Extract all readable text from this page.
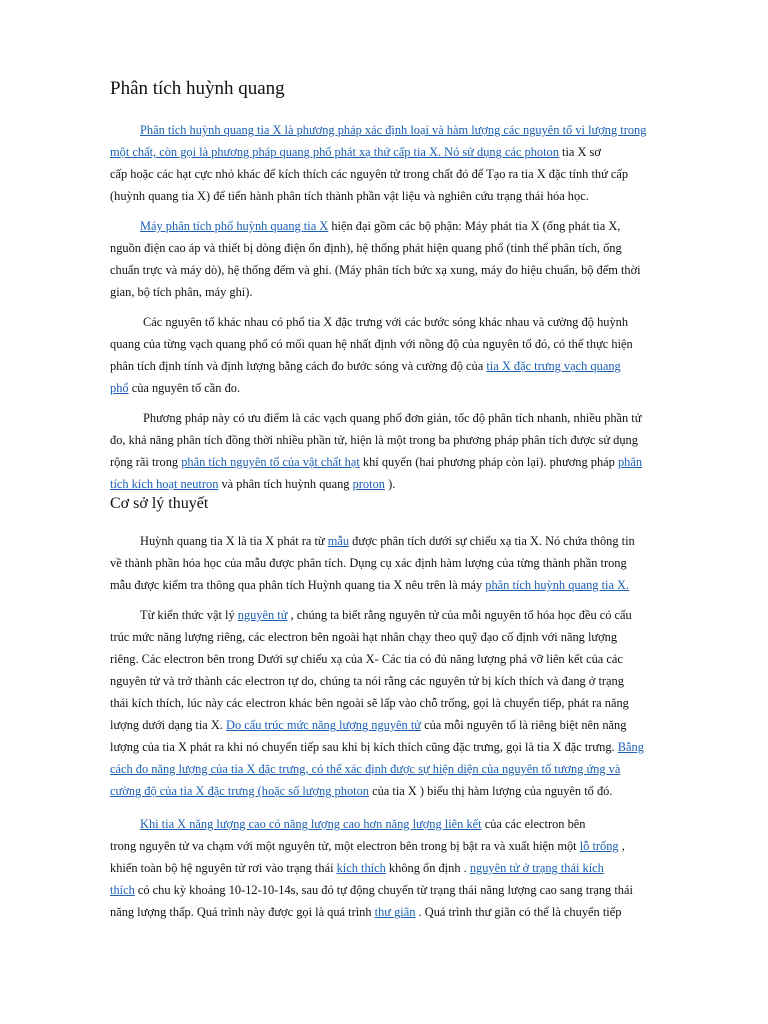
Phân tích huỳnh quang
Cơ sở lý thuyết
Phân tích huỳnh quang tia X là phương pháp xác định loại và hàm lượng các nguyên tố vi lượng trong
một chất, còn gọi là phương pháp quang phổ phát xạ thứ cấp tia X. Nó sử dụng các photon tia X sơ
cấp hoặc các hạt cực nhỏ khác để kích thích các nguyên tử trong chất đó để Tạo ra tia X đặc tính thứ cấp
(huỳnh quang tia X) để tiến hành phân tích thành phần vật liệu và nghiên cứu trạng thái hóa học.
Máy phân tích phổ huỳnh quang tia X hiện đại gồm các bộ phận: Máy phát tia X (ống phát tia X,
nguồn điện cao áp và thiết bị dòng điện ổn định), hệ thống phát hiện quang phổ (tinh thể phân tích, ống
chuẩn trực và máy dò), hệ thống đếm và ghi. (Máy phân tích bức xạ xung, máy đo hiệu chuẩn, bộ đếm thời
gian, bộ tích phân, máy ghi).
Các nguyên tố khác nhau có phổ tia X đặc trưng với các bước sóng khác nhau và cường độ huỳnh
quang của từng vạch quang phổ có mối quan hệ nhất định với nồng độ của nguyên tố đó, có thể thực hiện
phân tích định tính và định lượng bằng cách đo bước sóng và cường độ của tia X đặc trưng vạch quang
phổ của nguyên tố cần đo.
Phương pháp này có ưu điểm là các vạch quang phổ đơn giản, tốc độ phân tích nhanh, nhiều phần tử
đo, khả năng phân tích đồng thời nhiều phần tử, hiện là một trong ba phương pháp phân tích được sử dụng
rộng rãi trong phân tích nguyên tố của vật chất hạt khí quyển (hai phương pháp còn lại). phương pháp phân
tích kích hoạt neutron và phân tích huỳnh quang proton ).
Huỳnh quang tia X là tia X phát ra từ mẫu được phân tích dưới sự chiếu xạ tia X. Nó chứa thông tin
về thành phần hóa học của mẫu được phân tích. Dụng cụ xác định hàm lượng của từng thành phần trong
mẫu được kiểm tra thông qua phân tích Huỳnh quang tia X nêu trên là máy phân tích huỳnh quang tia X.
Từ kiến thức vật lý nguyên tử , chúng ta biết rằng nguyên tử của mỗi nguyên tố hóa học đều có cấu
trúc mức năng lượng riêng, các electron bên ngoài hạt nhân chạy theo quỹ đạo cố định với năng lượng
riêng. Các electron bên trong Dưới sự chiếu xạ của X- Các tia có đủ năng lượng phá vỡ liên kết của các
nguyên tử và trở thành các electron tự do, chúng ta nói rằng các nguyên tử bị kích thích và đang ở trạng
thái kích thích, lúc này các electron khác bên ngoài sẽ lấp vào chỗ trống, gọi là chuyển tiếp, phát ra năng
lượng dưới dạng tia X. Do cấu trúc mức năng lượng nguyên tử của mỗi nguyên tố là riêng biệt nên năng
lượng của tia X phát ra khi nó chuyển tiếp sau khi bị kích thích cũng đặc trưng, gọi là tia X đặc trưng. Bằng
cách đo năng lượng của tia X đặc trưng, có thể xác định được sự hiện diện của nguyên tố tương ứng và
cường độ của tia X đặc trưng (hoặc số lượng photon của tia X ) biểu thị hàm lượng của nguyên tố đó.
Khi tia X năng lượng cao có năng lượng cao hơn năng lượng liên kết của các electron bên
trong nguyên tử va chạm với một nguyên tử, một electron bên trong bị bật ra và xuất hiện một lỗ trống ,
khiến toàn bộ hệ nguyên tử rơi vào trạng thái kích thích không ổn định . nguyên tử ở trạng thái kích
thích có chu kỳ khoảng 10-12-10-14s, sau đó tự động chuyển từ trạng thái năng lượng cao sang trạng thái
năng lượng thấp. Quá trình này được gọi là quá trình thư giãn . Quá trình thư giãn có thể là chuyển tiếp
